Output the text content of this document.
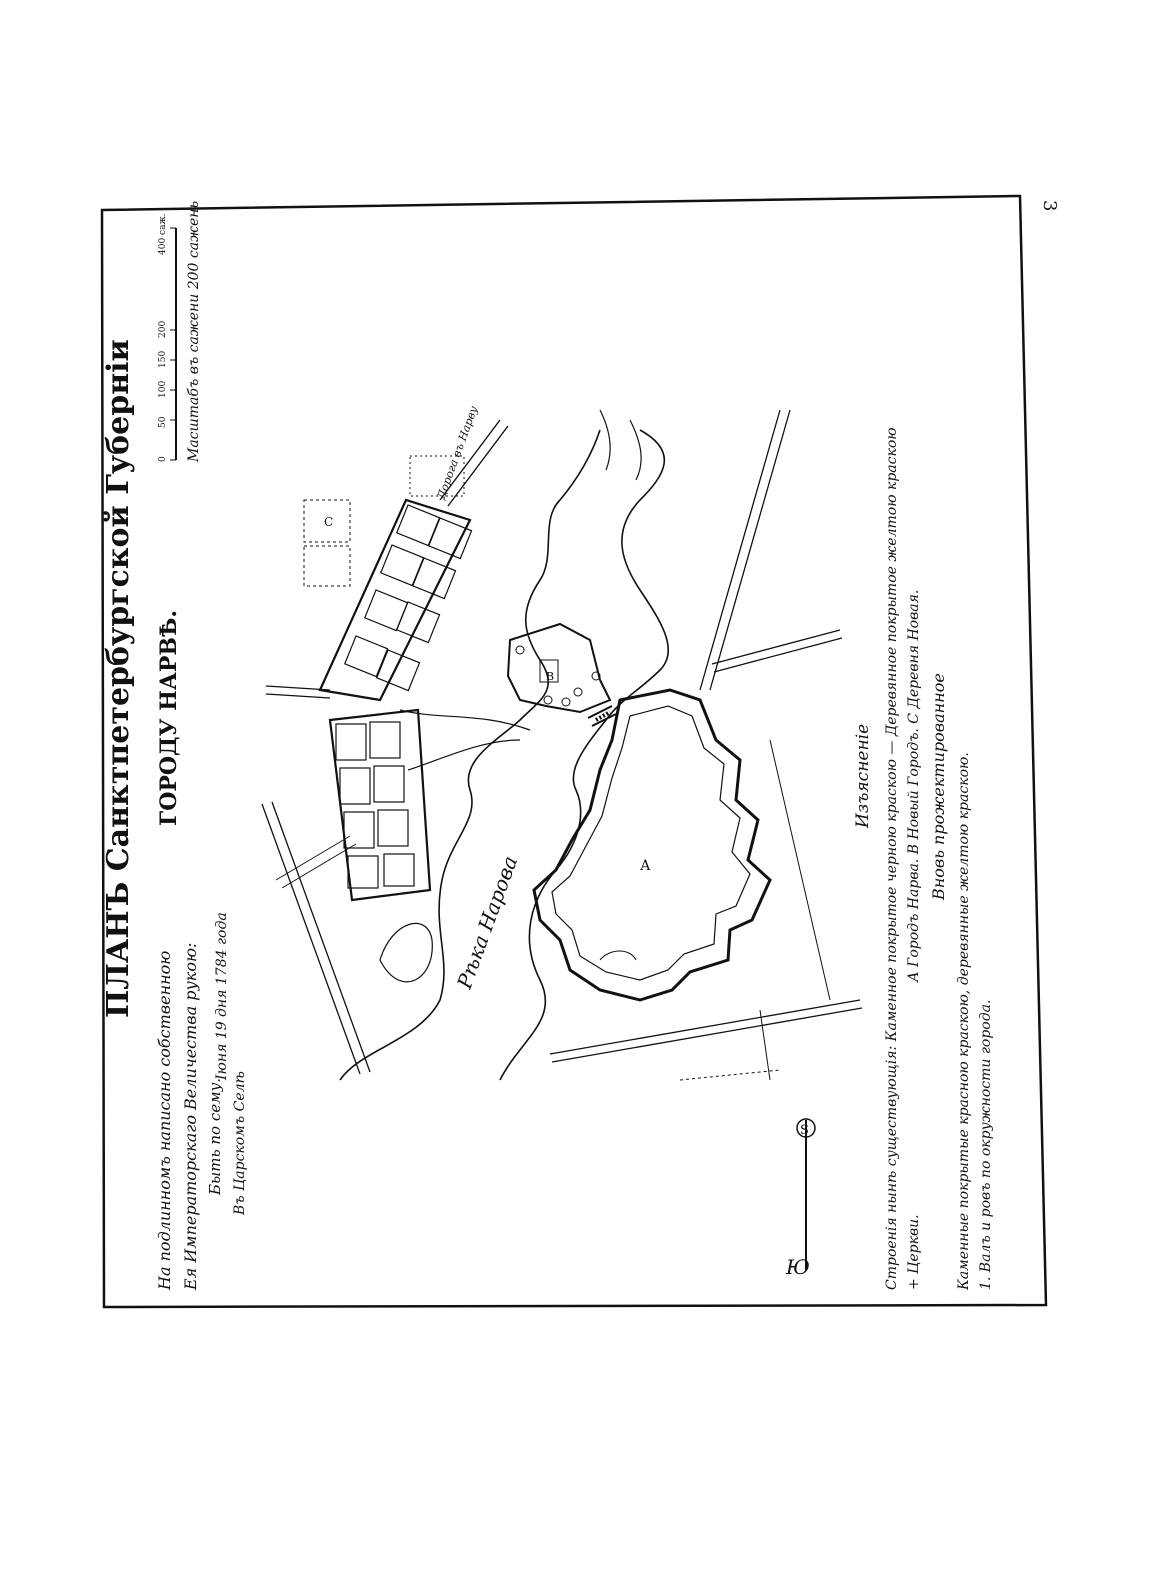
3
ПЛАНЪ Санктпетербургской Губерніи ГОРОДУ НАРВѢ.
На подлинномъ написано собственною Ея Императорскаго Величества рукою: Быть по сему. Въ Царскомъ Селѣ
Іюня 19 дня 1784 года
0
50
100
150
200
400 саж. Масштабъ въ сажени 200 сажень
Изъясненіе Строенія нынѣ существующія: Каменное покрытое черною краскою — Деревянное покрытое желтою краскою А Городъ Нарва. В Новый Городъ. С Деревня Новая.
+ Церкви.
Вновь прожектированное Каменные покрытые красною краскою, деревянные желтою краскою. 1. Валъ и ровъ по окружности города.
S
Ю
Рѣка Нарова	А
В
С
Дорога въ Нарву
